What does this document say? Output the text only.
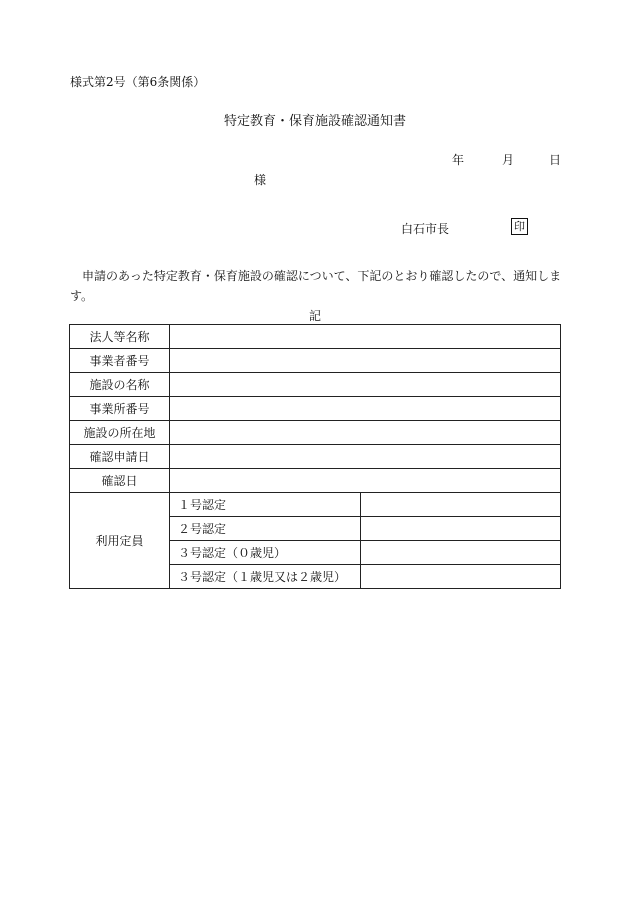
様式第2号（第6条関係）
特定教育・保育施設確認通知書
年	月	日
様
白石市長	印
申請のあった特定教育・保育施設の確認について、下記のとおり確認したので、通知します。
記
法人等名称		
事業者番号		
施設の名称		
事業所番号		
施設の所在地		
確認申請日		
確認日		
利用定員	１号認定	
	２号認定	
	３号認定（０歳児）	
	３号認定（１歳児又は２歳児）	
